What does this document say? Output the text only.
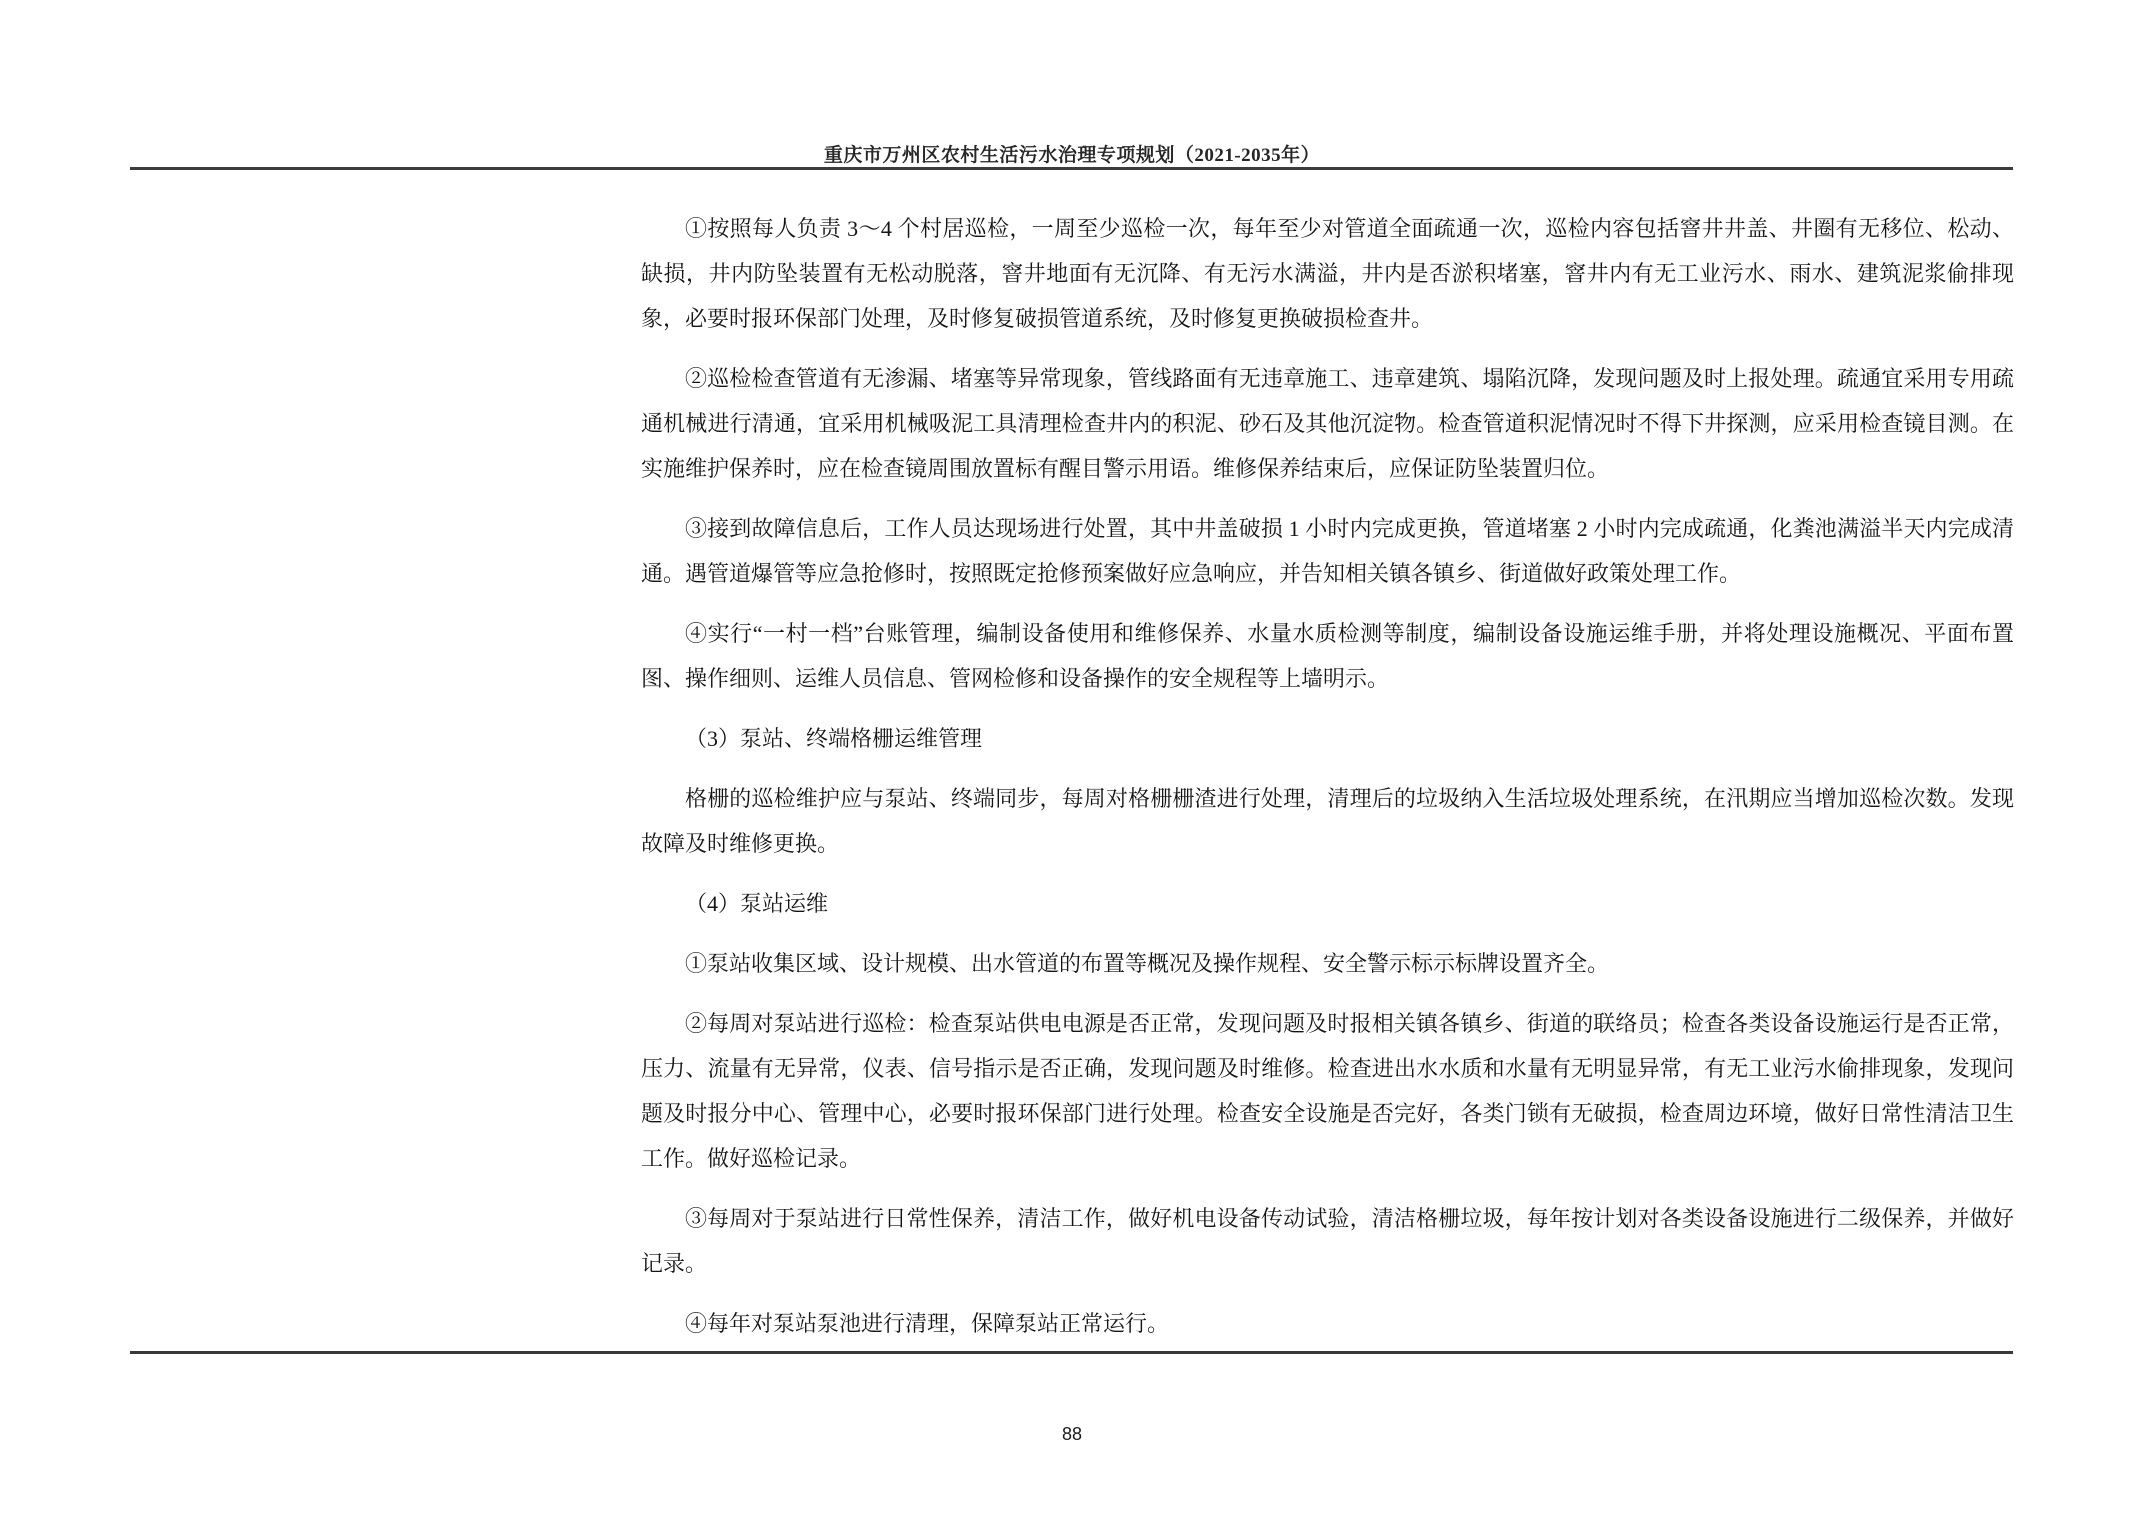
重庆市万州区农村生活污水治理专项规划（2021-2035年）

①按照每人负责 3～4 个村居巡检，一周至少巡检一次，每年至少对管道全面疏通一次，巡检内容包括窨井井盖、井圈有无移位、松动、缺损，井内防坠装置有无松动脱落，窨井地面有无沉降、有无污水满溢，井内是否淤积堵塞，窨井内有无工业污水、雨水、建筑泥浆偷排现象，必要时报环保部门处理，及时修复破损管道系统，及时修复更换破损检查井。

②巡检检查管道有无渗漏、堵塞等异常现象，管线路面有无违章施工、违章建筑、塌陷沉降，发现问题及时上报处理。疏通宜采用专用疏通机械进行清通，宜采用机械吸泥工具清理检查井内的积泥、砂石及其他沉淀物。检查管道积泥情况时不得下井探测，应采用检查镜目测。在实施维护保养时，应在检查镜周围放置标有醒目警示用语。维修保养结束后，应保证防坠装置归位。

③接到故障信息后，工作人员达现场进行处置，其中井盖破损 1 小时内完成更换，管道堵塞 2 小时内完成疏通，化粪池满溢半天内完成清通。遇管道爆管等应急抢修时，按照既定抢修预案做好应急响应，并告知相关镇各镇乡、街道做好政策处理工作。

④实行“一村一档”台账管理，编制设备使用和维修保养、水量水质检测等制度，编制设备设施运维手册，并将处理设施概况、平面布置图、操作细则、运维人员信息、管网检修和设备操作的安全规程等上墙明示。

（3）泵站、终端格栅运维管理

格栅的巡检维护应与泵站、终端同步，每周对格栅栅渣进行处理，清理后的垃圾纳入生活垃圾处理系统，在汛期应当增加巡检次数。发现故障及时维修更换。

（4）泵站运维

①泵站收集区域、设计规模、出水管道的布置等概况及操作规程、安全警示标示标牌设置齐全。

②每周对泵站进行巡检：检查泵站供电电源是否正常，发现问题及时报相关镇各镇乡、街道的联络员；检查各类设备设施运行是否正常， 压力、流量有无异常，仪表、信号指示是否正确，发现问题及时维修。检查进出水水质和水量有无明显异常，有无工业污水偷排现象，发现问题及时报分中心、管理中心，必要时报环保部门进行处理。检查安全设施是否完好，各类门锁有无破损，检查周边环境，做好日常性清洁卫生工作。做好巡检记录。

③每周对于泵站进行日常性保养，清洁工作，做好机电设备传动试验，清洁格栅垃圾，每年按计划对各类设备设施进行二级保养，并做好记录。

④每年对泵站泵池进行清理，保障泵站正常运行。

88
